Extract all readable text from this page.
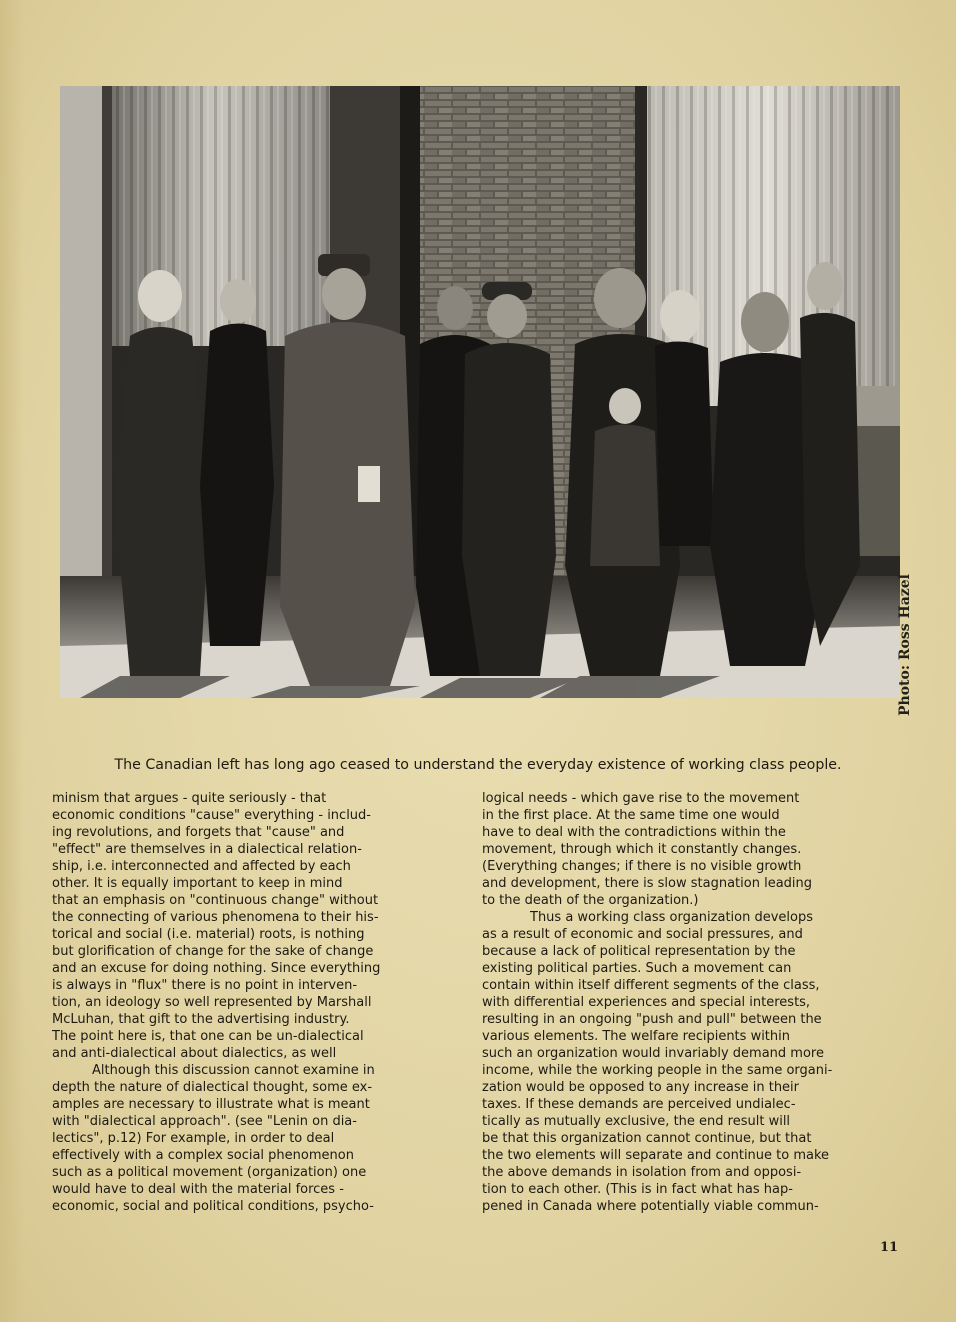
Photo: Ross Hazel
The Canadian left has long ago ceased to understand the everyday existence of working class people.
minism that argues - quite seriously - that
economic conditions "cause" everything - includ-
ing revolutions, and forgets that "cause" and
"effect" are themselves in a dialectical relation-
ship, i.e. interconnected and affected by each
other. It is equally important to keep in mind
that an emphasis on "continuous change" without
the connecting of various phenomena to their his-
torical and social (i.e. material) roots, is nothing
but glorification of change for the sake of change
and an excuse for doing nothing. Since everything
is always in "flux" there is no point in interven-
tion, an ideology so well represented by Marshall
McLuhan, that gift to the advertising industry.
The point here is, that one can be un-dialectical
and anti-dialectical about dialectics, as well
Although this discussion cannot examine in
depth the nature of dialectical thought, some ex-
amples are necessary to illustrate what is meant
with "dialectical approach". (see "Lenin on dia-
lectics", p.12) For example, in order to deal
effectively with a complex social phenomenon
such as a political movement (organization) one
would have to deal with the material forces -
economic, social and political conditions, psycho-
logical needs - which gave rise to the movement
in the first place. At the same time one would
have to deal with the contradictions within the
movement, through which it constantly changes.
(Everything changes; if there is no visible growth
and development, there is slow stagnation leading
to the death of the organization.)
Thus a working class organization develops
as a result of economic and social pressures, and
because a lack of political representation by the
existing political parties. Such a movement can
contain within itself different segments of the class,
with differential experiences and special interests,
resulting in an ongoing "push and pull" between the
various elements. The welfare recipients within
such an organization would invariably demand more
income, while the working people in the same organi-
zation would be opposed to any increase in their
taxes. If these demands are perceived undialec-
tically as mutually exclusive, the end result will
be that this organization cannot continue, but that
the two elements will separate and continue to make
the above demands in isolation from and opposi-
tion to each other. (This is in fact what has hap-
pened in Canada where potentially viable commun-
11
